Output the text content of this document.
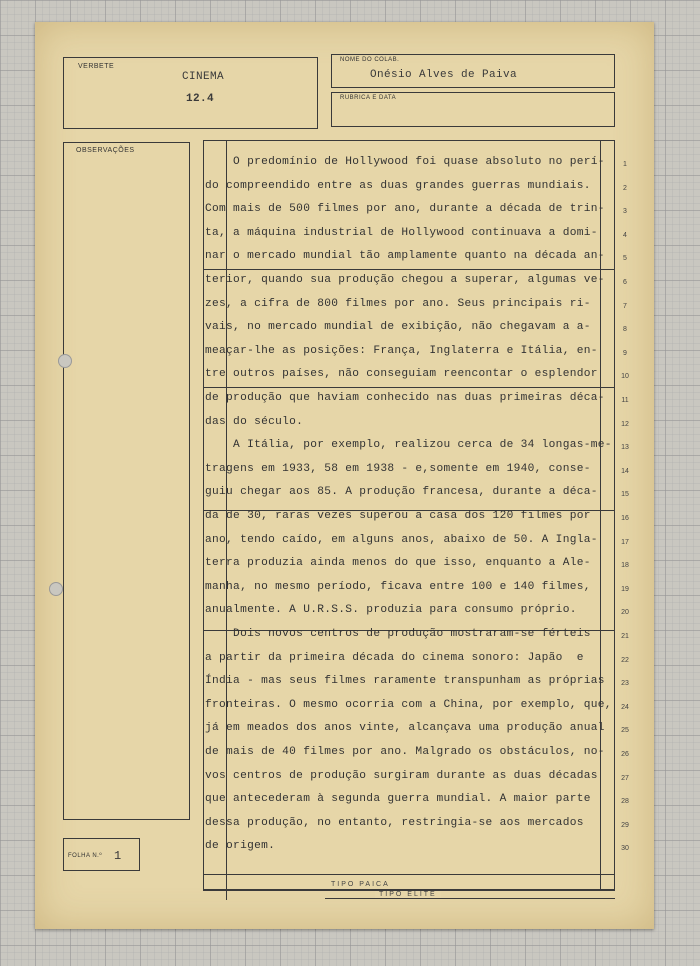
VERBETE
CINEMA
12.4
NOME DO COLAB.
Onésio Alves de Paiva
RUBRICA E DATA
OBSERVAÇÕES
FOLHA N.º 1
TIPO PAICA
TIPO ELITE
O predomínio de Hollywood foi quase absoluto no perí-
do compreendido entre as duas grandes guerras mundiais.
Com mais de 500 filmes por ano, durante a década de trin-
ta, a máquina industrial de Hollywood continuava a domi-
nar o mercado mundial tão amplamente quanto na década an-
terior, quando sua produção chegou a superar, algumas ve-
zes, a cifra de 800 filmes por ano. Seus principais ri-
vais, no mercado mundial de exibição, não chegavam a a-
meaçar-lhe as posições: França, Inglaterra e Itália, en-
tre outros países, não conseguiam reencontar o esplendor
de produção que haviam conhecido nas duas primeiras déca-
das do século.
A Itália, por exemplo, realizou cerca de 34 longas-me-
tragens em 1933, 58 em 1938 - e,somente em 1940, conse-
guiu chegar aos 85. A produção francesa, durante a déca-
da de 30, raras vezes superou a casa dos 120 filmes por
ano, tendo caído, em alguns anos, abaixo de 50. A Ingla-
terra produzia ainda menos do que isso, enquanto a Ale-
manha, no mesmo período, ficava entre 100 e 140 filmes,
anualmente. A U.R.S.S. produzia para consumo próprio.
Dois novos centros de produção mostraram-se férteis
a partir da primeira década do cinema sonoro: Japão  e
Índia - mas seus filmes raramente transpunham as próprias
fronteiras. O mesmo ocorria com a China, por exemplo, que,
já em meados dos anos vinte, alcançava uma produção anual
de mais de 40 filmes por ano. Malgrado os obstáculos, no-
vos centros de produção surgiram durante as duas décadas
que antecederam à segunda guerra mundial. A maior parte
dessa produção, no entanto, restringia-se aos mercados
de origem.
1
2
3
4
5
6
7
8
9
10
11
12
13
14
15
16
17
18
19
20
21
22
23
24
25
26
27
28
29
30
